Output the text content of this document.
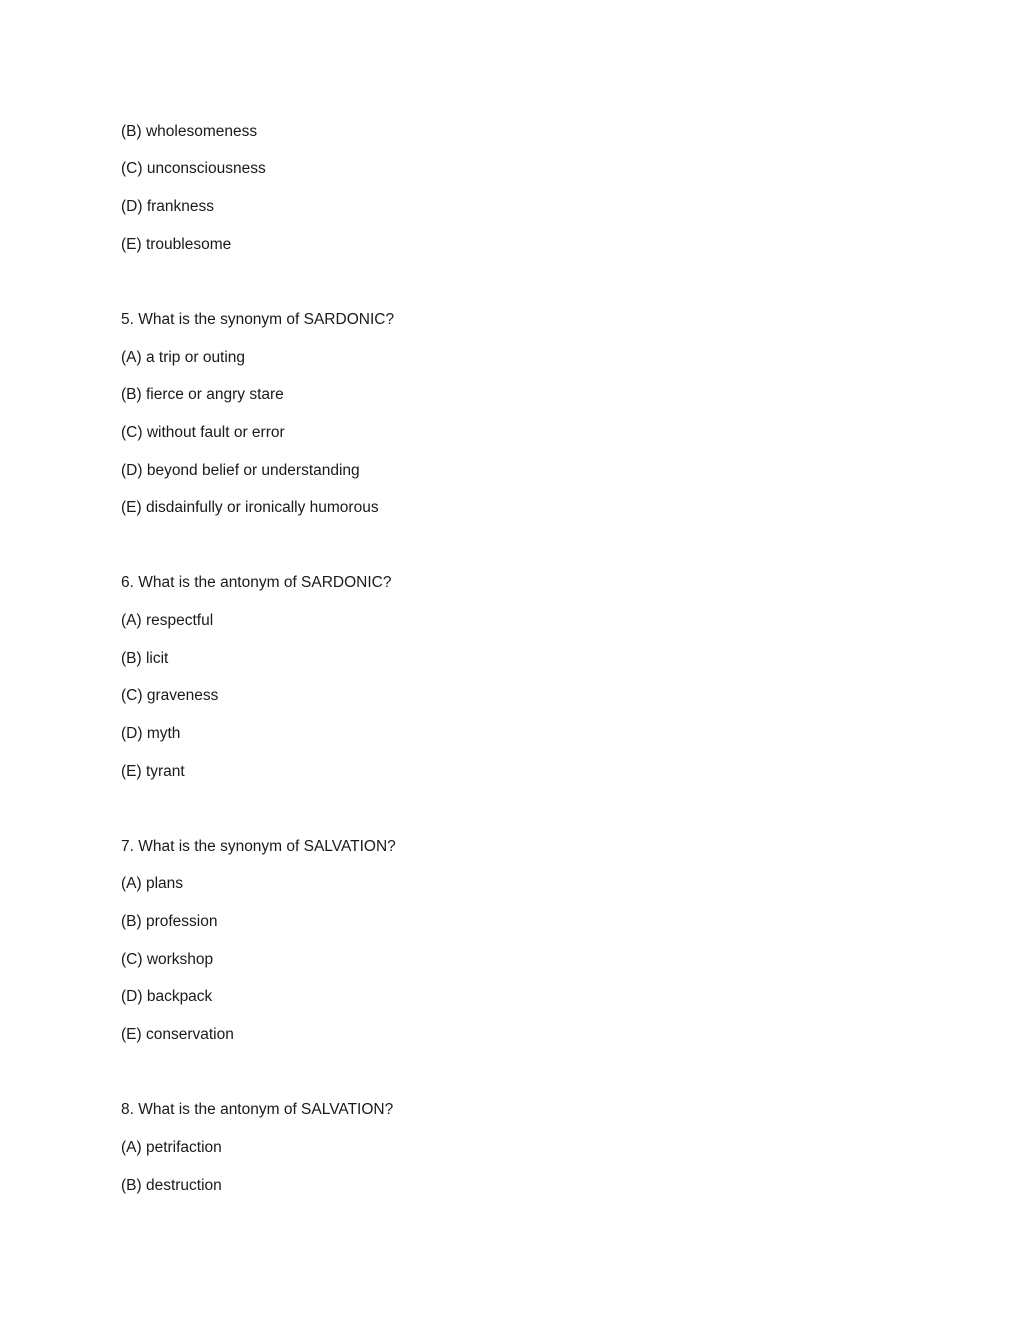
(B) wholesomeness
(C) unconsciousness
(D) frankness
(E) troublesome
5. What is the synonym of SARDONIC?
(A) a trip or outing
(B) fierce or angry stare
(C) without fault or error
(D) beyond belief or understanding
(E) disdainfully or ironically humorous
6. What is the antonym of SARDONIC?
(A) respectful
(B) licit
(C) graveness
(D) myth
(E) tyrant
7. What is the synonym of SALVATION?
(A) plans
(B) profession
(C) workshop
(D) backpack
(E) conservation
8. What is the antonym of SALVATION?
(A) petrifaction
(B) destruction
